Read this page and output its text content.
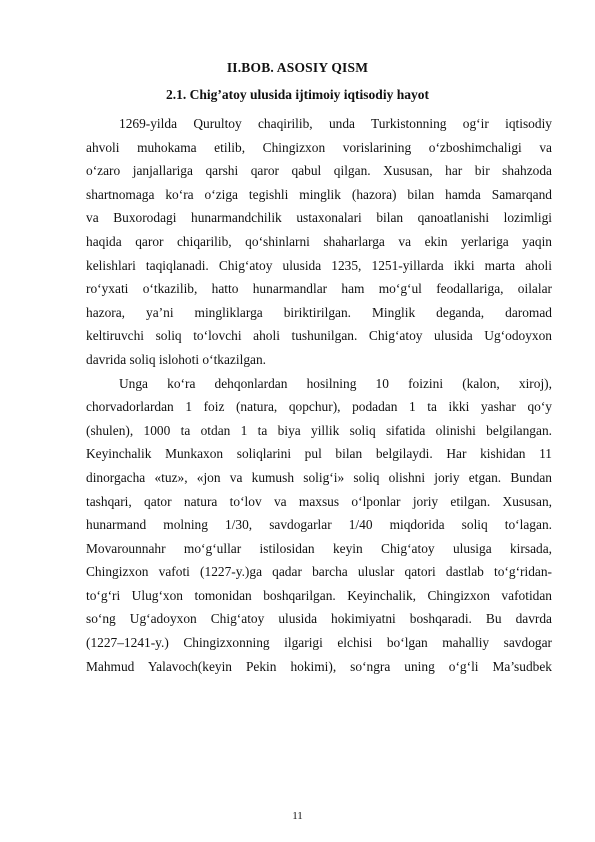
II.BOB. ASOSIY QISM
2.1. Chig’atoy ulusida ijtimoiy iqtisodiy hayot
1269-yilda Qurultoy chaqirilib, unda Turkistonning og‘ir iqtisodiy
ahvoli muhokama etilib, Chingizxon vorislarining o‘zboshimchaligi va
o‘zaro janjallariga qarshi qaror qabul qilgan. Xususan, har bir shahzoda
shartnomaga ko‘ra o‘ziga tegishli minglik (hazora) bilan hamda Samarqand
va Buxorodagi hunarmandchilik ustaxonalari bilan qanoatlanishi lozimligi
haqida qaror chiqarilib, qo‘shinlarni shaharlarga va ekin yerlariga yaqin
kelishlari taqiqlanadi. Chig‘atoy ulusida 1235, 1251-yillarda ikki marta aholi
ro‘yxati o‘tkazilib, hatto hunarmandlar ham mo‘g‘ul feodallariga, oilalar
hazora, ya’ni mingliklarga biriktirilgan. Minglik deganda, daromad
keltiruvchi soliq to‘lovchi aholi tushunilgan. Chig‘atoy ulusida Ug‘odoyxon
davrida soliq islohoti o‘tkazilgan.
Unga ko‘ra dehqonlardan hosilning 10 foizini (kalon, xiroj),
chorvadorlardan 1 foiz (natura, qopchur), podadan 1 ta ikki yashar qo‘y
(shulen), 1000 ta otdan 1 ta biya yillik soliq sifatida olinishi belgilangan.
Keyinchalik Munkaxon soliqlarini pul bilan belgilaydi. Har kishidan 11
dinorgacha «tuz», «jon va kumush solig‘i» soliq olishni joriy etgan. Bundan
tashqari, qator natura to‘lov va maxsus o‘lponlar joriy etilgan. Xususan,
hunarmand molning 1/30, savdogarlar 1/40 miqdorida soliq to‘lagan.
Movarounnahr mo‘g‘ullar istilosidan keyin Chig‘atoy ulusiga kirsada,
Chingizxon vafoti (1227-y.)ga qadar barcha uluslar qatori dastlab to‘g‘ridan-
to‘g‘ri Ulug‘xon tomonidan boshqarilgan. Keyinchalik, Chingizxon vafotidan
so‘ng Ug‘adoyxon Chig‘atoy ulusida hokimiyatni boshqaradi. Bu davrda
(1227–1241-y.) Chingizxonning ilgarigi elchisi bo‘lgan mahalliy savdogar
Mahmud Yalavoch(keyin Pekin hokimi), so‘ngra uning o‘g‘li Ma’sudbek
11
